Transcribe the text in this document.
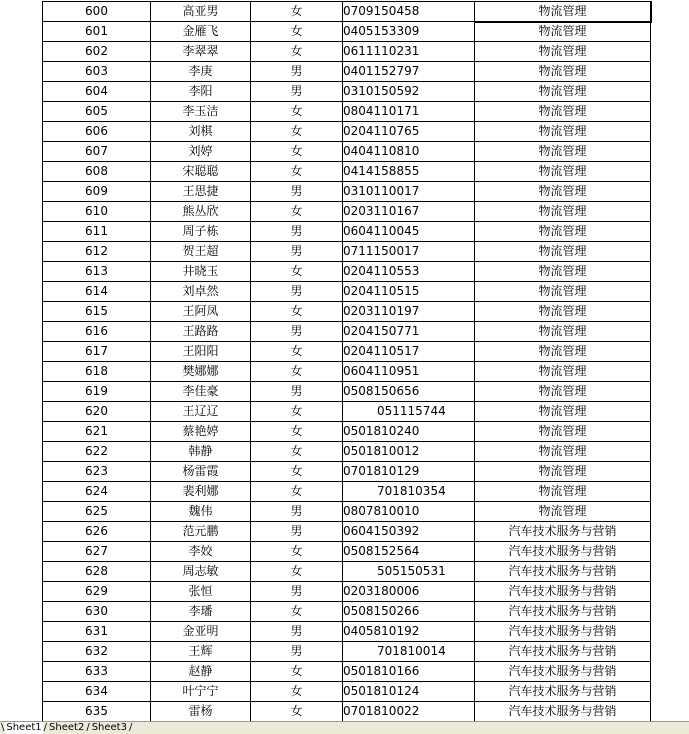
600	高亚男	女	0709150458	物流管理
601	金雁飞	女	0405153309	物流管理
602	李翠翠	女	0611110231	物流管理
603	李庚	男	0401152797	物流管理
604	李阳	男	0310150592	物流管理
605	李玉洁	女	0804110171	物流管理
606	刘棋	女	0204110765	物流管理
607	刘婷	女	0404110810	物流管理
608	宋聪聪	女	0414158855	物流管理
609	王思捷	男	0310110017	物流管理
610	熊丛欣	女	0203110167	物流管理
611	周子栋	男	0604110045	物流管理
612	贺王超	男	0711150017	物流管理
613	井晓玉	女	0204110553	物流管理
614	刘卓然	男	0204110515	物流管理
615	王阿凤	女	0203110197	物流管理
616	王路路	男	0204150771	物流管理
617	王阳阳	女	0204110517	物流管理
618	樊娜娜	女	0604110951	物流管理
619	李佳豪	男	0508150656	物流管理
620	王辽辽	女	051115744	物流管理
621	蔡艳婷	女	0501810240	物流管理
622	韩静	女	0501810012	物流管理
623	杨雷霞	女	0701810129	物流管理
624	裴利娜	女	701810354	物流管理
625	魏伟	男	0807810010	物流管理
626	范元鹏	男	0604150392	汽车技术服务与营销
627	李姣	女	0508152564	汽车技术服务与营销
628	周志敏	女	505150531	汽车技术服务与营销
629	张恒	男	0203180006	汽车技术服务与营销
630	李璠	女	0508150266	汽车技术服务与营销
631	金亚明	男	0405810192	汽车技术服务与营销
632	王辉	男	701810014	汽车技术服务与营销
633	赵静	女	0501810166	汽车技术服务与营销
634	叶宁宁	女	0501810124	汽车技术服务与营销
635	雷杨	女	0701810022	汽车技术服务与营销
\ Sheet1 / Sheet2 / Sheet3 /
